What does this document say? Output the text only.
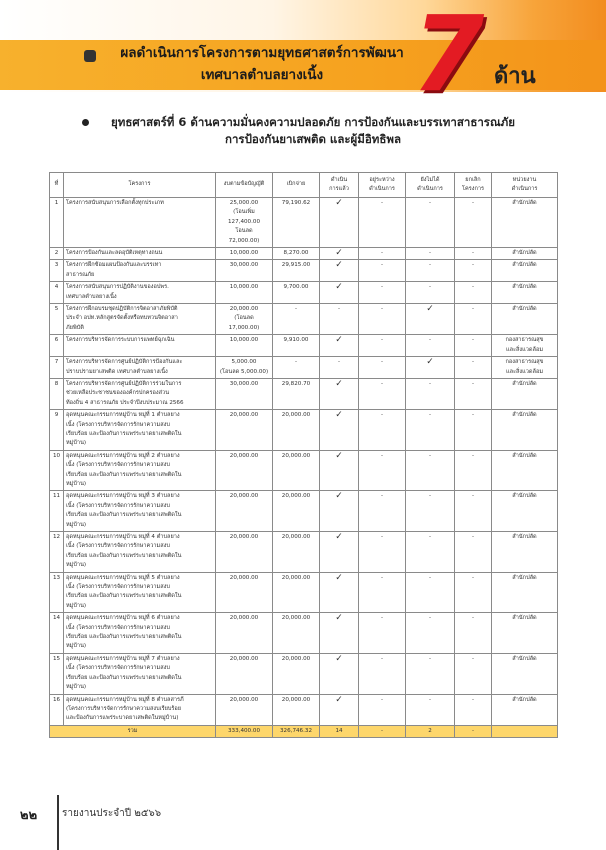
ผลดำเนินการโครงการตามยุทธศาสตร์การพัฒนา
เทศบาลตำบลยางเนิ้ง 7 ด้าน
ยุทธศาสตร์ที่ 6 ด้านความมั่นคงความปลอดภัย การป้องกันและบรรเทาสาธารณภัย
การป้องกันยาเสพติด และผู้มีอิทธิพล
ที่	โครงการ	งบตามข้อบัญญัติ	เบิกจ่าย	ดำเนิน
การแล้ว	อยู่ระหว่าง
ดำเนินการ	ยังไม่ได้
ดำเนินการ	ยกเลิก
โครงการ	หน่วยงาน
ดำเนินการ
1	โครงการสนับสนุนการเลือกตั้งทุกประเภท	25,000.00
(โอนเพิ่ม
127,400.00
โอนลด
72,000.00)	79,190.62	✓	-	-	-	สำนักปลัด
2	โครงการป้องกันและลดอุบัติเหตุทางถนน	10,000.00	8,270.00	✓	-	-	-	สำนักปลัด
3	โครงการฝึกซ้อมแผนป้องกันและบรรเทา
สาธารณภัย	30,000.00	29,915.00	✓	-	-	-	สำนักปลัด
4	โครงการสนับสนุนการปฏิบัติงานของอปพร.
เทศบาลตำบลยางเนิ้ง	10,000.00	9,700.00	✓	-	-	-	สำนักปลัด
5	โครงการฝึกอบรมชุดปฏิบัติการจิตอาสาภัยพิบัติ
ประจำ อปท.หลักสูตรจัดตั้งหรือทบทวนจิตอาสา
ภัยพิบัติ	20,000.00
(โอนลด
17,000.00)	-	-	-	✓	-	สำนักปลัด
6	โครงการบริหารจัดการระบบการแพทย์ฉุกเฉิน	10,000.00	9,910.00	✓	-	-	-	กองสาธารณสุข
และสิ่งแวดล้อม
7	โครงการบริหารจัดการศูนย์ปฏิบัติการป้องกันและ
ปราบปรามยาเสพติด เทศบาลตำบลยางเนิ้ง	5,000.00
(โอนลด 5,000.00)	-	-	-	✓	-	กองสาธารณสุข
และสิ่งแวดล้อม
8	โครงการบริหารจัดการศูนย์ปฏิบัติการร่วมในการ
ช่วยเหลือประชาชนขององค์กรปกครองส่วน
ท้องถิ่น 4 สาธารณภัย ประจำปีงบประมาณ 2566	30,000.00	29,820.70	✓	-	-	-	สำนักปลัด
9	อุดหนุนคณะกรรมการหมู่บ้าน หมู่ที่ 1 ตำบลยาง
เนิ้ง (โครงการบริหารจัดการรักษาความสงบ
เรียบร้อย และป้องกันการแพร่ระบาดยาเสพติดใน
หมู่บ้าน)	20,000.00	20,000.00	✓	-	-	-	สำนักปลัด
10	อุดหนุนคณะกรรมการหมู่บ้าน หมู่ที่ 2 ตำบลยาง
เนิ้ง (โครงการบริหารจัดการรักษาความสงบ
เรียบร้อย และป้องกันการแพร่ระบาดยาเสพติดใน
หมู่บ้าน)	20,000.00	20,000.00	✓	-	-	-	สำนักปลัด
11	อุดหนุนคณะกรรมการหมู่บ้าน หมู่ที่ 3 ตำบลยาง
เนิ้ง (โครงการบริหารจัดการรักษาความสงบ
เรียบร้อย และป้องกันการแพร่ระบาดยาเสพติดใน
หมู่บ้าน)	20,000.00	20,000.00	✓	-	-	-	สำนักปลัด
12	อุดหนุนคณะกรรมการหมู่บ้าน หมู่ที่ 4 ตำบลยาง
เนิ้ง (โครงการบริหารจัดการรักษาความสงบ
เรียบร้อย และป้องกันการแพร่ระบาดยาเสพติดใน
หมู่บ้าน)	20,000.00	20,000.00	✓	-	-	-	สำนักปลัด
13	อุดหนุนคณะกรรมการหมู่บ้าน หมู่ที่ 5 ตำบลยาง
เนิ้ง (โครงการบริหารจัดการรักษาความสงบ
เรียบร้อย และป้องกันการแพร่ระบาดยาเสพติดใน
หมู่บ้าน)	20,000.00	20,000.00	✓	-	-	-	สำนักปลัด
14	อุดหนุนคณะกรรมการหมู่บ้าน หมู่ที่ 6 ตำบลยาง
เนิ้ง (โครงการบริหารจัดการรักษาความสงบ
เรียบร้อย และป้องกันการแพร่ระบาดยาเสพติดใน
หมู่บ้าน)	20,000.00	20,000.00	✓	-	-	-	สำนักปลัด
15	อุดหนุนคณะกรรมการหมู่บ้าน หมู่ที่ 7 ตำบลยาง
เนิ้ง (โครงการบริหารจัดการรักษาความสงบ
เรียบร้อย และป้องกันการแพร่ระบาดยาเสพติดใน
หมู่บ้าน)	20,000.00	20,000.00	✓	-	-	-	สำนักปลัด
16	อุดหนุนคณะกรรมการหมู่บ้าน หมู่ที่ 8 ตำบลสารภี
(โครงการบริหารจัดการรักษาความสงบเรียบร้อย
และป้องกันการแพร่ระบาดยาเสพติดในหมู่บ้าน)	20,000.00	20,000.00	✓	-	-	-	สำนักปลัด
รวม		333,400.00	326,746.32	14	-	2	-	
๒๒ รายงานประจำปี ๒๕๖๖
